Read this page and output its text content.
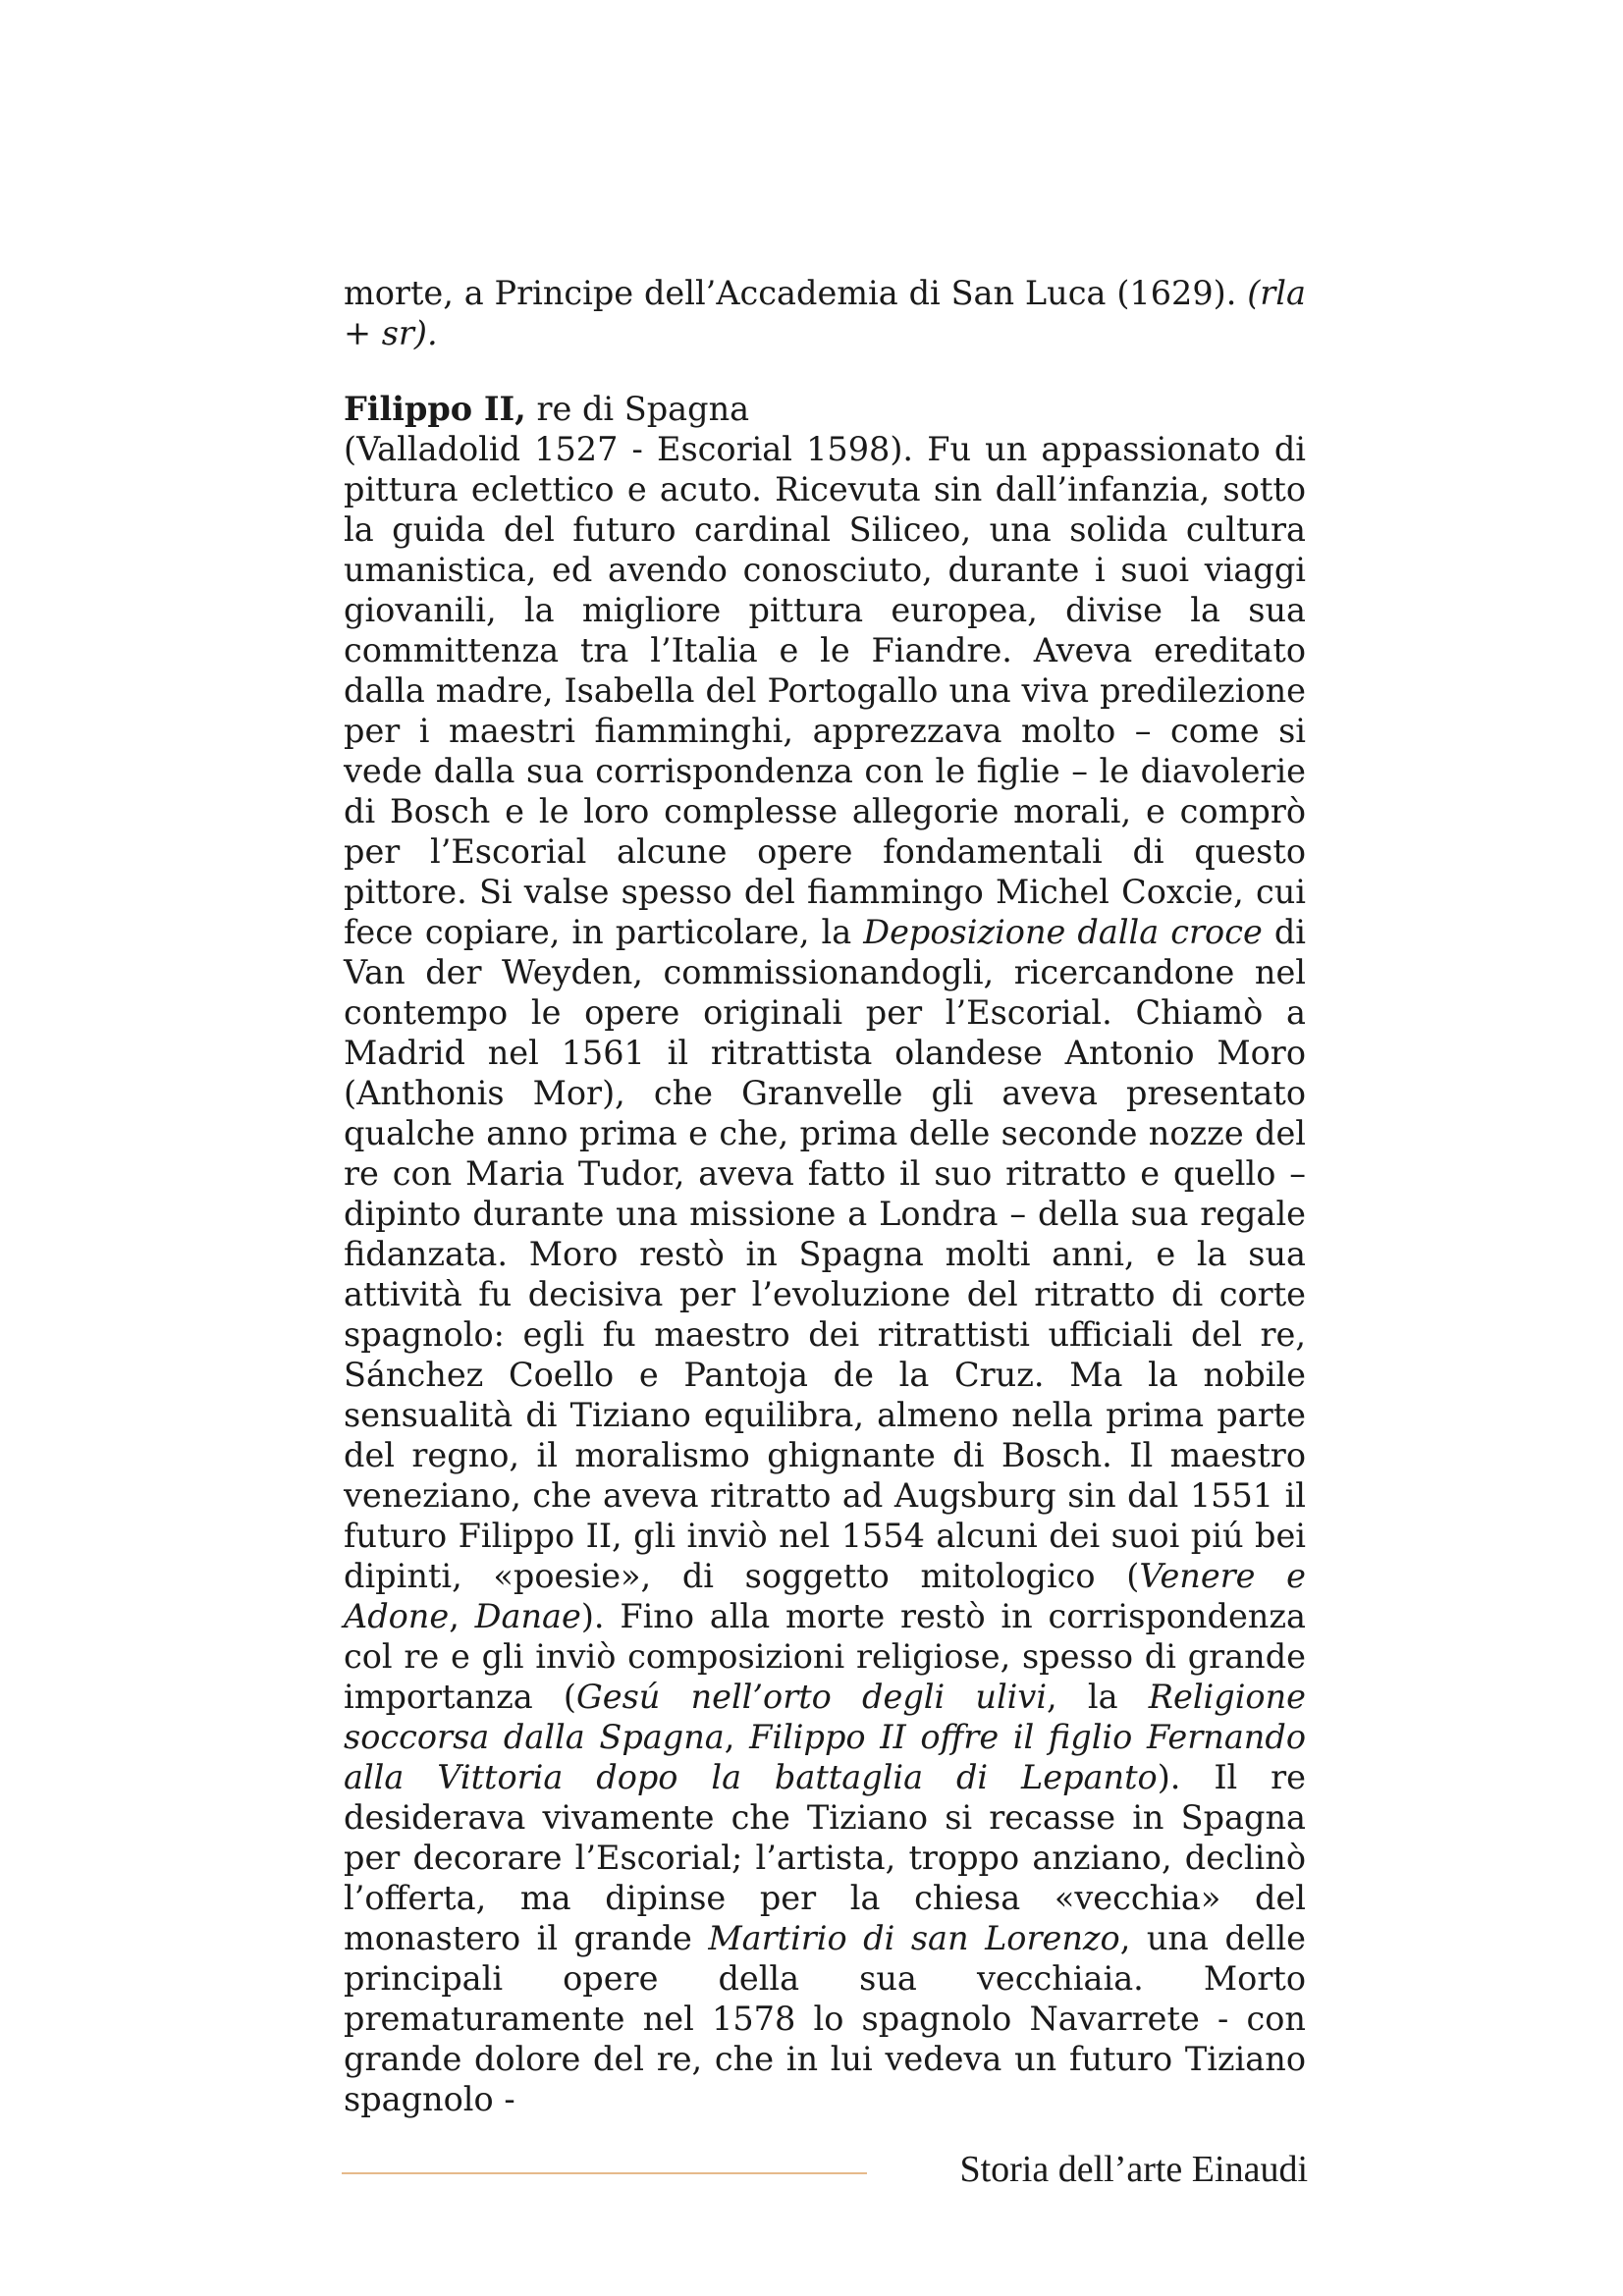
morte, a Principe dell’Accademia di San Luca (1629). (rla + sr).

Filippo II, re di Spagna

(Valladolid 1527 - Escorial 1598). Fu un appassionato di pittura eclettico e acuto. Ricevuta sin dall’infanzia, sotto la guida del futuro cardinal Siliceo, una solida cultura umanistica, ed avendo conosciuto, durante i suoi viaggi giovanili, la migliore pittura europea, divise la sua committenza tra l’Italia e le Fiandre. Aveva ereditato dalla madre, Isabella del Portogallo una viva predilezione per i maestri fiamminghi, apprezzava molto – come si vede dalla sua corrispondenza con le figlie – le diavolerie di Bosch e le loro complesse allegorie morali, e comprò per l’Escorial alcune opere fondamentali di questo pittore. Si valse spesso del fiammingo Michel Coxcie, cui fece copiare, in particolare, la Deposizione dalla croce di Van der Weyden, commissionandogli, ricercandone nel contempo le opere originali per l’Escorial. Chiamò a Madrid nel 1561 il ritrattista olandese Antonio Moro (Anthonis Mor), che Granvelle gli aveva presentato qualche anno prima e che, prima delle seconde nozze del re con Maria Tudor, aveva fatto il suo ritratto e quello – dipinto durante una missione a Londra – della sua regale fidanzata. Moro restò in Spagna molti anni, e la sua attività fu decisiva per l’evoluzione del ritratto di corte spagnolo: egli fu maestro dei ritrattisti ufficiali del re, Sánchez Coello e Pantoja de la Cruz. Ma la nobile sensualità di Tiziano equilibra, almeno nella prima parte del regno, il moralismo ghignante di Bosch. Il maestro veneziano, che aveva ritratto ad Augsburg sin dal 1551 il futuro Filippo II, gli inviò nel 1554 alcuni dei suoi piú bei dipinti, «poesie», di soggetto mitologico (Venere e Adone, Danae). Fino alla morte restò in corrispondenza col re e gli inviò composizioni religiose, spesso di grande importanza (Gesú nell’orto degli ulivi, la Religione soccorsa dalla Spagna, Filippo II offre il figlio Fernando alla Vittoria dopo la battaglia di Lepanto). Il re desiderava vivamente che Tiziano si recasse in Spagna per decorare l’Escorial; l’artista, troppo anziano, declinò l’offerta, ma dipinse per la chiesa «vecchia» del monastero il grande Martirio di san Lorenzo, una delle principali opere della sua vecchiaia. Morto prematuramente nel 1578 lo spagnolo Navarrete - con grande dolore del re, che in lui vedeva un futuro Tiziano spagnolo -

Storia dell’arte Einaudi
